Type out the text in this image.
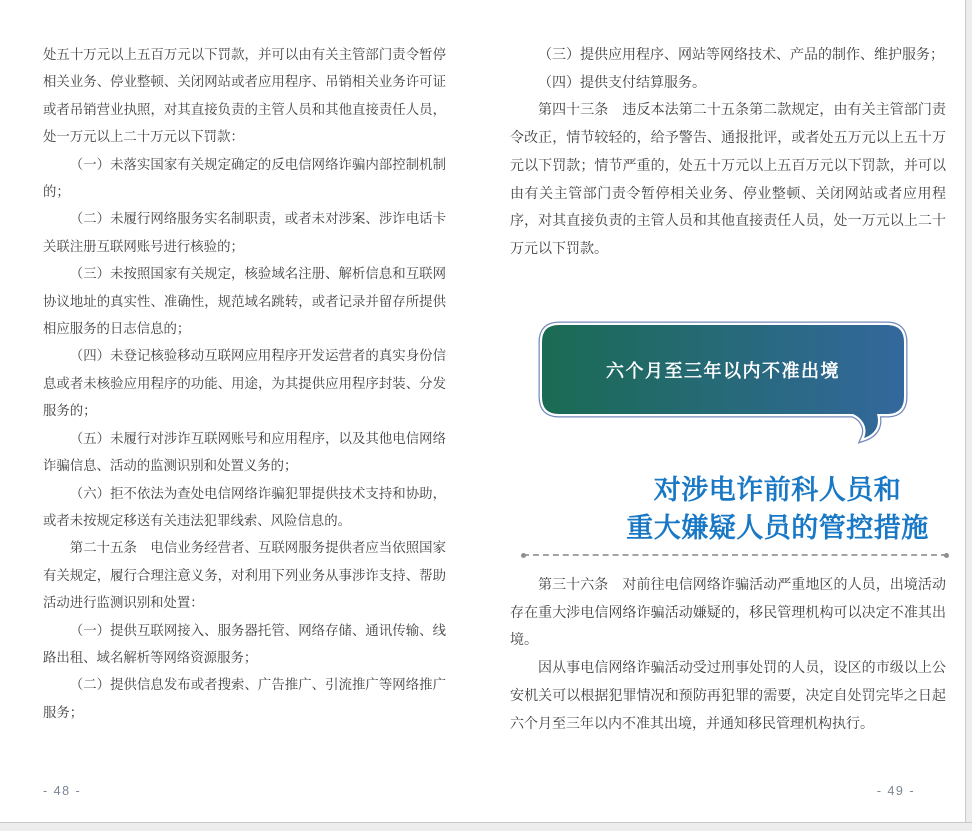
处五十万元以上五百万元以下罚款，并可以由有关主管部门责令暂停相关业务、停业整顿、关闭网站或者应用程序、吊销相关业务许可证或者吊销营业执照，对其直接负责的主管人员和其他直接责任人员，处一万元以上二十万元以下罚款：

（一）未落实国家有关规定确定的反电信网络诈骗内部控制机制的；

（二）未履行网络服务实名制职责，或者未对涉案、涉诈电话卡关联注册互联网账号进行核验的；

（三）未按照国家有关规定，核验域名注册、解析信息和互联网协议地址的真实性、准确性，规范域名跳转，或者记录并留存所提供相应服务的日志信息的；

（四）未登记核验移动互联网应用程序开发运营者的真实身份信息或者未核验应用程序的功能、用途，为其提供应用程序封装、分发服务的；

（五）未履行对涉诈互联网账号和应用程序，以及其他电信网络诈骗信息、活动的监测识别和处置义务的；

（六）拒不依法为查处电信网络诈骗犯罪提供技术支持和协助，或者未按规定移送有关违法犯罪线索、风险信息的。

第二十五条　电信业务经营者、互联网服务提供者应当依照国家有关规定，履行合理注意义务，对利用下列业务从事涉诈支持、帮助活动进行监测识别和处置：

（一）提供互联网接入、服务器托管、网络存储、通讯传输、线路出租、域名解析等网络资源服务；

（二）提供信息发布或者搜索、广告推广、引流推广等网络推广服务；

- 48 -

（三）提供应用程序、网站等网络技术、产品的制作、维护服务；

（四）提供支付结算服务。

第四十三条　违反本法第二十五条第二款规定，由有关主管部门责令改正，情节较轻的，给予警告、通报批评，或者处五万元以上五十万元以下罚款；情节严重的，处五十万元以上五百万元以下罚款，并可以由有关主管部门责令暂停相关业务、停业整顿、关闭网站或者应用程序，对其直接负责的主管人员和其他直接责任人员，处一万元以上二十万元以下罚款。

六个月至三年以内不准出境
对涉电诈前科人员和
重大嫌疑人员的管控措施

第三十六条　对前往电信网络诈骗活动严重地区的人员，出境活动存在重大涉电信网络诈骗活动嫌疑的，移民管理机构可以决定不准其出境。

因从事电信网络诈骗活动受过刑事处罚的人员，设区的市级以上公安机关可以根据犯罪情况和预防再犯罪的需要，决定自处罚完毕之日起六个月至三年以内不准其出境，并通知移民管理机构执行。

- 49 -
